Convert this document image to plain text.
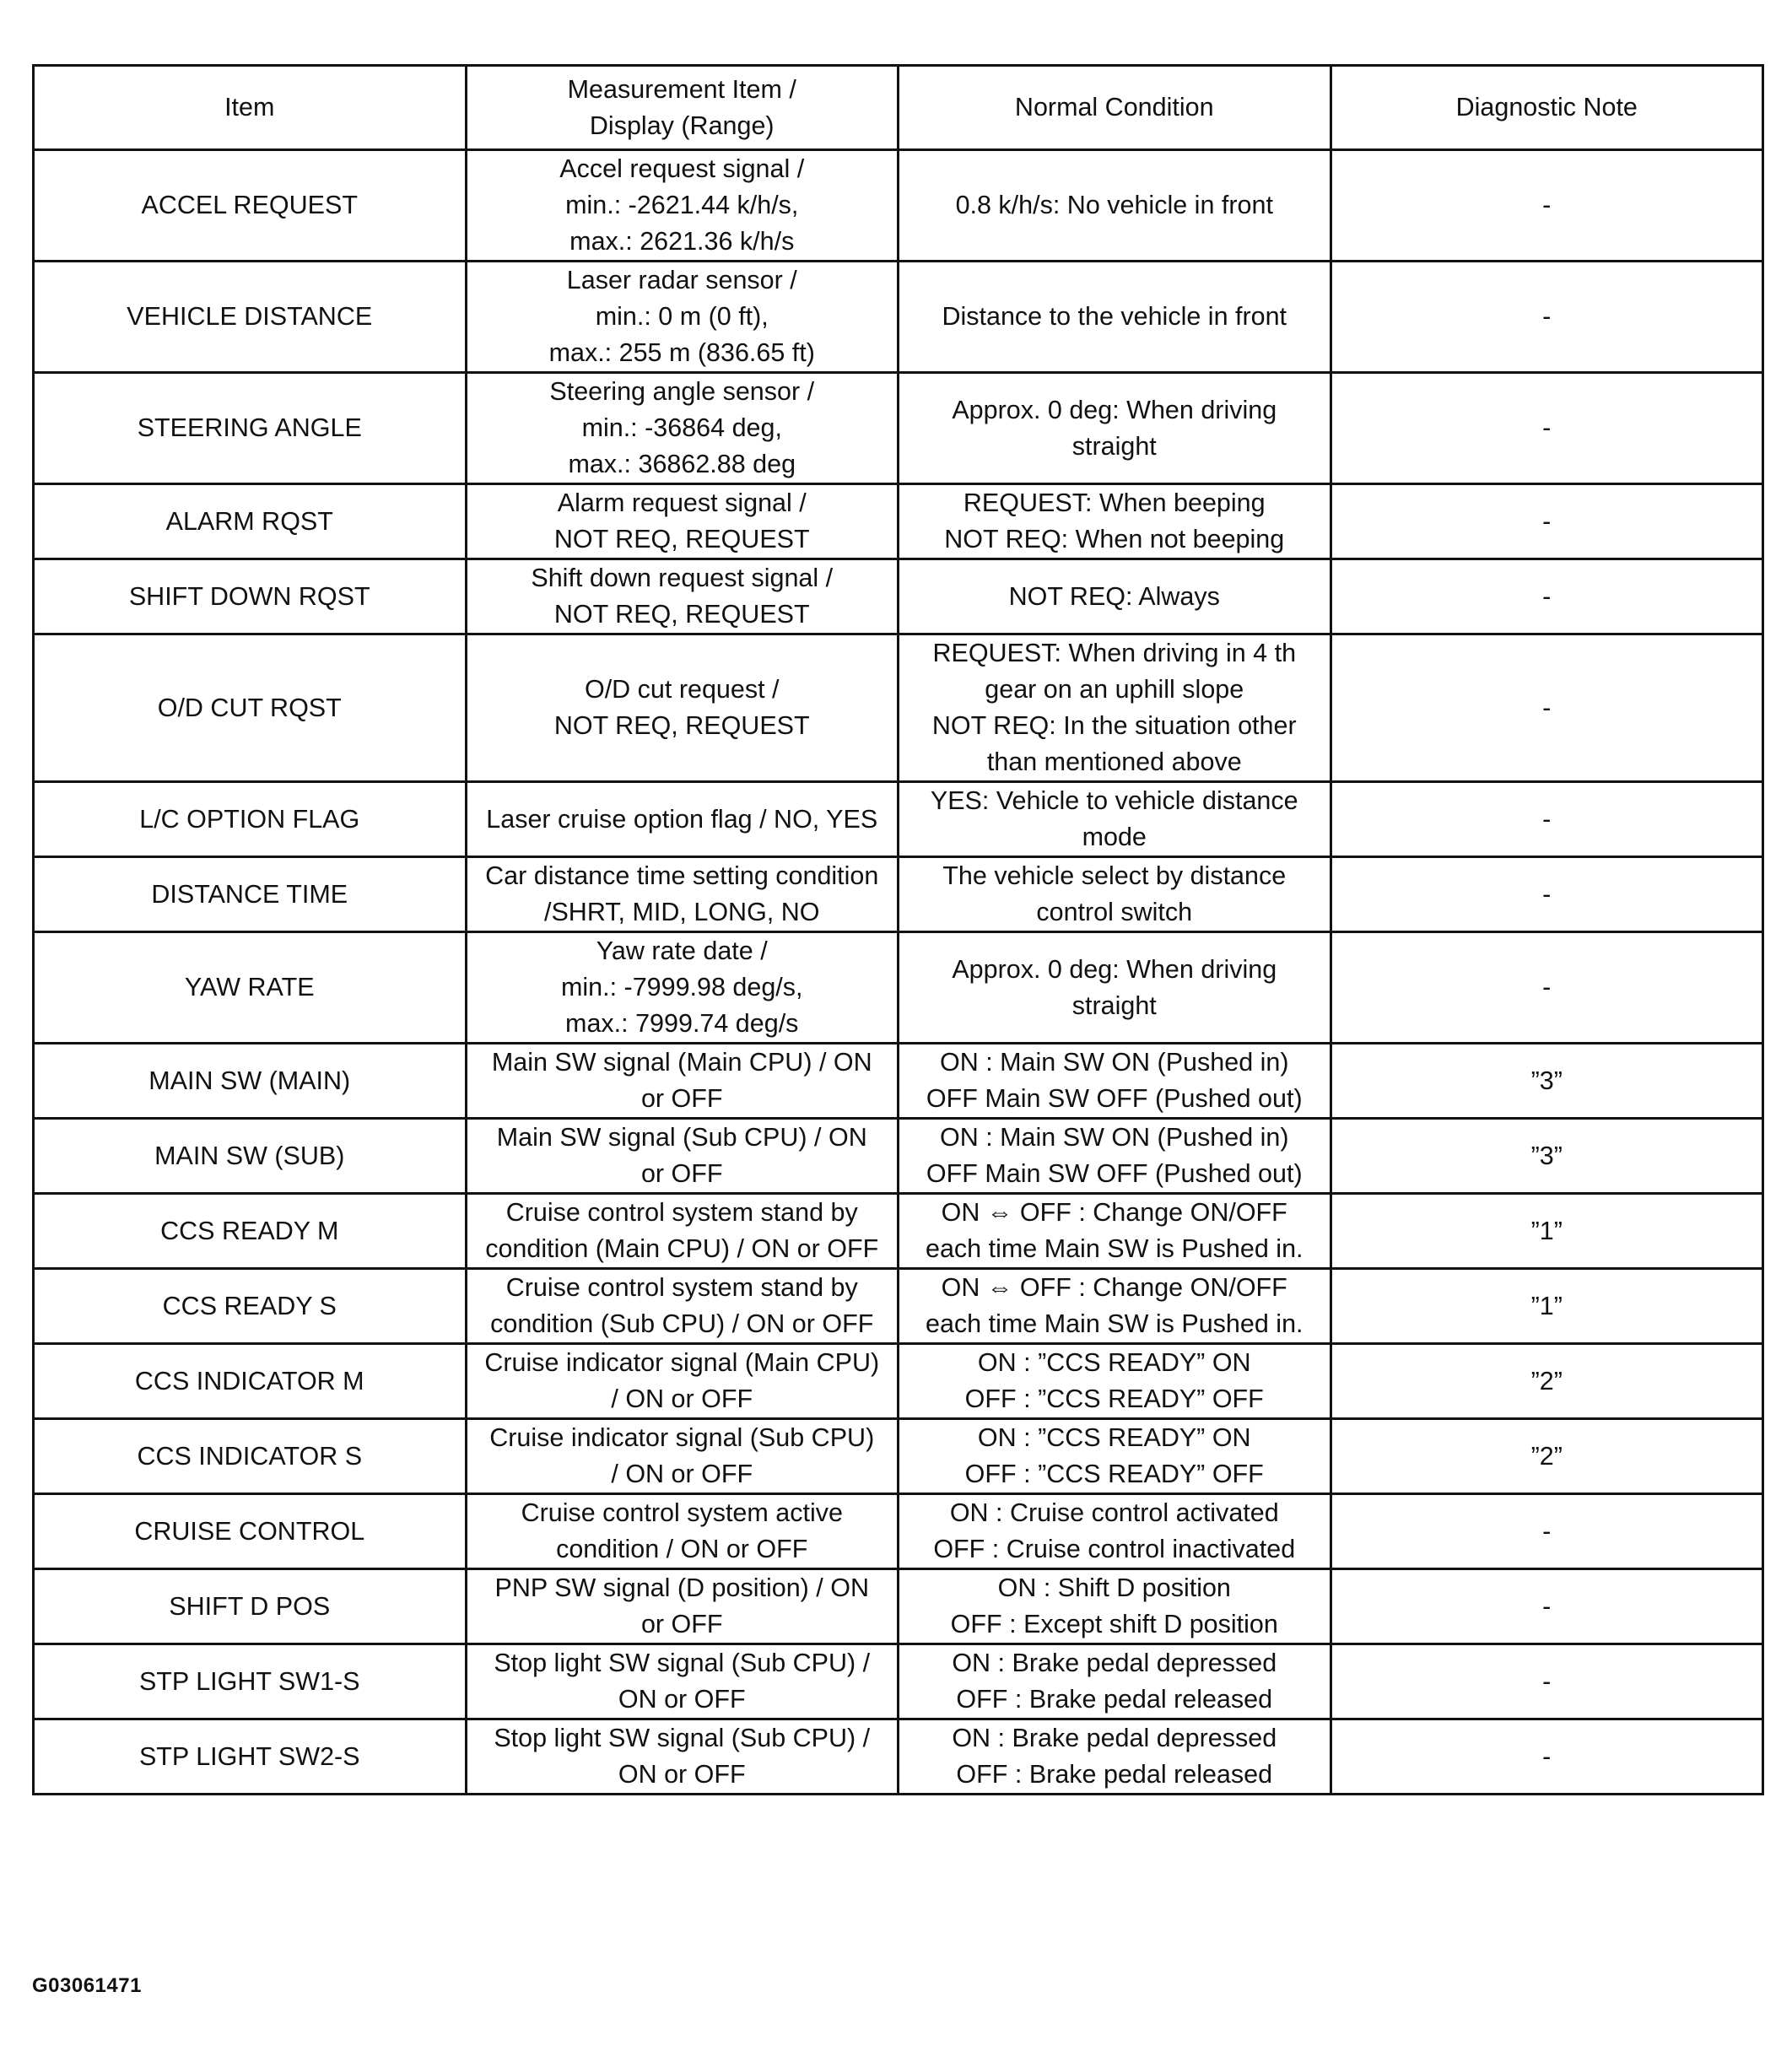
Item	Measurement Item /
Display (Range)	Normal Condition	Diagnostic Note
ACCEL REQUEST	Accel request signal /
min.: -2621.44 k/h/s,
max.: 2621.36 k/h/s	0.8 k/h/s: No vehicle in front	-
VEHICLE DISTANCE	Laser radar sensor /
min.: 0 m (0 ft),
max.: 255 m (836.65 ft)	Distance to the vehicle in front	-
STEERING ANGLE	Steering angle sensor /
min.: -36864 deg,
max.: 36862.88 deg	Approx. 0 deg: When driving
straight	-
ALARM RQST	Alarm request signal /
NOT REQ, REQUEST	REQUEST: When beeping
NOT REQ: When not beeping	-
SHIFT DOWN RQST	Shift down request signal /
NOT REQ, REQUEST	NOT REQ: Always	-
O/D CUT RQST	O/D cut request /
NOT REQ, REQUEST	REQUEST: When driving in 4 th
gear on an uphill slope
NOT REQ: In the situation other
than mentioned above	-
L/C OPTION FLAG	Laser cruise option flag / NO, YES	YES: Vehicle to vehicle distance
mode	-
DISTANCE TIME	Car distance time setting condition
/SHRT, MID, LONG, NO	The vehicle select by distance
control switch	-
YAW RATE	Yaw rate date /
min.: -7999.98 deg/s,
max.: 7999.74 deg/s	Approx. 0 deg: When driving
straight	-
MAIN SW (MAIN)	Main SW signal (Main CPU) / ON
or OFF	ON : Main SW ON (Pushed in)
OFF Main SW OFF (Pushed out)	”3”
MAIN SW (SUB)	Main SW signal (Sub CPU) / ON
or OFF	ON : Main SW ON (Pushed in)
OFF Main SW OFF (Pushed out)	”3”
CCS READY M	Cruise control system stand by
condition (Main CPU) / ON or OFF	ON ⇔ OFF : Change ON/OFF
each time Main SW is Pushed in.	”1”
CCS READY S	Cruise control system stand by
condition (Sub CPU) / ON or OFF	ON ⇔ OFF : Change ON/OFF
each time Main SW is Pushed in.	”1”
CCS INDICATOR M	Cruise indicator signal (Main CPU)
/ ON or OFF	ON : ”CCS READY” ON
OFF : ”CCS READY” OFF	”2”
CCS INDICATOR S	Cruise indicator signal (Sub CPU)
/ ON or OFF	ON : ”CCS READY” ON
OFF : ”CCS READY” OFF	”2”
CRUISE CONTROL	Cruise control system active
condition / ON or OFF	ON : Cruise control activated
OFF : Cruise control inactivated	-
SHIFT D POS	PNP SW signal (D position) / ON
or OFF	ON : Shift D position
OFF : Except shift D position	-
STP LIGHT SW1-S	Stop light SW signal (Sub CPU) /
ON or OFF	ON : Brake pedal depressed
OFF : Brake pedal released	-
STP LIGHT SW2-S	Stop light SW signal (Sub CPU) /
ON or OFF	ON : Brake pedal depressed
OFF : Brake pedal released	-
G03061471
